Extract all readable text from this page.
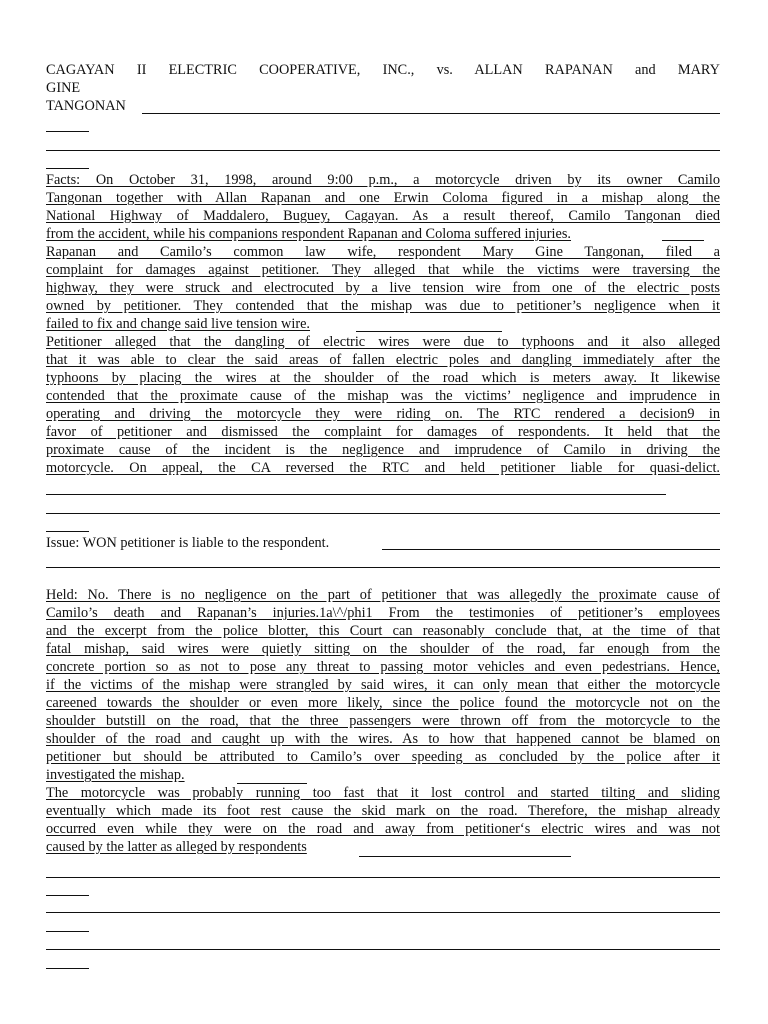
CAGAYAN II ELECTRIC COOPERATIVE, INC., vs. ALLAN RAPANAN and MARY
GINE
TANGONAN
Facts: On October 31, 1998, around 9:00 p.m., a motorcycle driven by its owner Camilo
Tangonan together with Allan Rapanan and one Erwin Coloma figured in a mishap along the
National Highway of Maddalero, Buguey, Cagayan. As a result thereof, Camilo Tangonan died
from the accident, while his companions respondent Rapanan and Coloma suffered injuries.
Rapanan and Camilo’s common law wife, respondent Mary Gine Tangonan, filed a
complaint for damages against petitioner. They alleged that while the victims were traversing the
highway, they were struck and electrocuted by a live tension wire from one of the electric posts
owned by petitioner. They contended that the mishap was due to petitioner’s negligence when it
failed to fix and change said live tension wire.
Petitioner alleged that the dangling of electric wires were due to typhoons and it also alleged
that it was able to clear the said areas of fallen electric poles and dangling immediately after the
typhoons by placing the wires at the shoulder of the road which is meters away. It likewise
contended that the proximate cause of the mishap was the victims’ negligence and imprudence in
operating and driving the motorcycle they were riding on. The RTC rendered a decision9 in
favor of petitioner and dismissed the complaint for damages of respondents. It held that the
proximate cause of the incident is the negligence and imprudence of Camilo in driving the
motorcycle. On appeal, the CA reversed the RTC and held petitioner liable for quasi-delict.
Issue: WON petitioner is liable to the respondent.
Held: No. There is no negligence on the part of petitioner that was allegedly the proximate cause of
Camilo’s death and Rapanan’s injuries.1a\^/phi1 From the testimonies of petitioner’s employees
and the excerpt from the police blotter, this Court can reasonably conclude that, at the time of that
fatal mishap, said wires were quietly sitting on the shoulder of the road, far enough from the
concrete portion so as not to pose any threat to passing motor vehicles and even pedestrians. Hence,
if the victims of the mishap were strangled by said wires, it can only mean that either the motorcycle
careened towards the shoulder or even more likely, since the police found the motorcycle not on the
shoulder butstill on the road, that the three passengers were thrown off from the motorcycle to the
shoulder of the road and caught up with the wires. As to how that happened cannot be blamed on
petitioner but should be attributed to Camilo’s over speeding as concluded by the police after it
investigated the mishap.
The motorcycle was probably running too fast that it lost control and started tilting and sliding
eventually which made its foot rest cause the skid mark on the road. Therefore, the mishap already
occurred even while they were on the road and away from petitioner‘s electric wires and was not
caused by the latter as alleged by respondents
